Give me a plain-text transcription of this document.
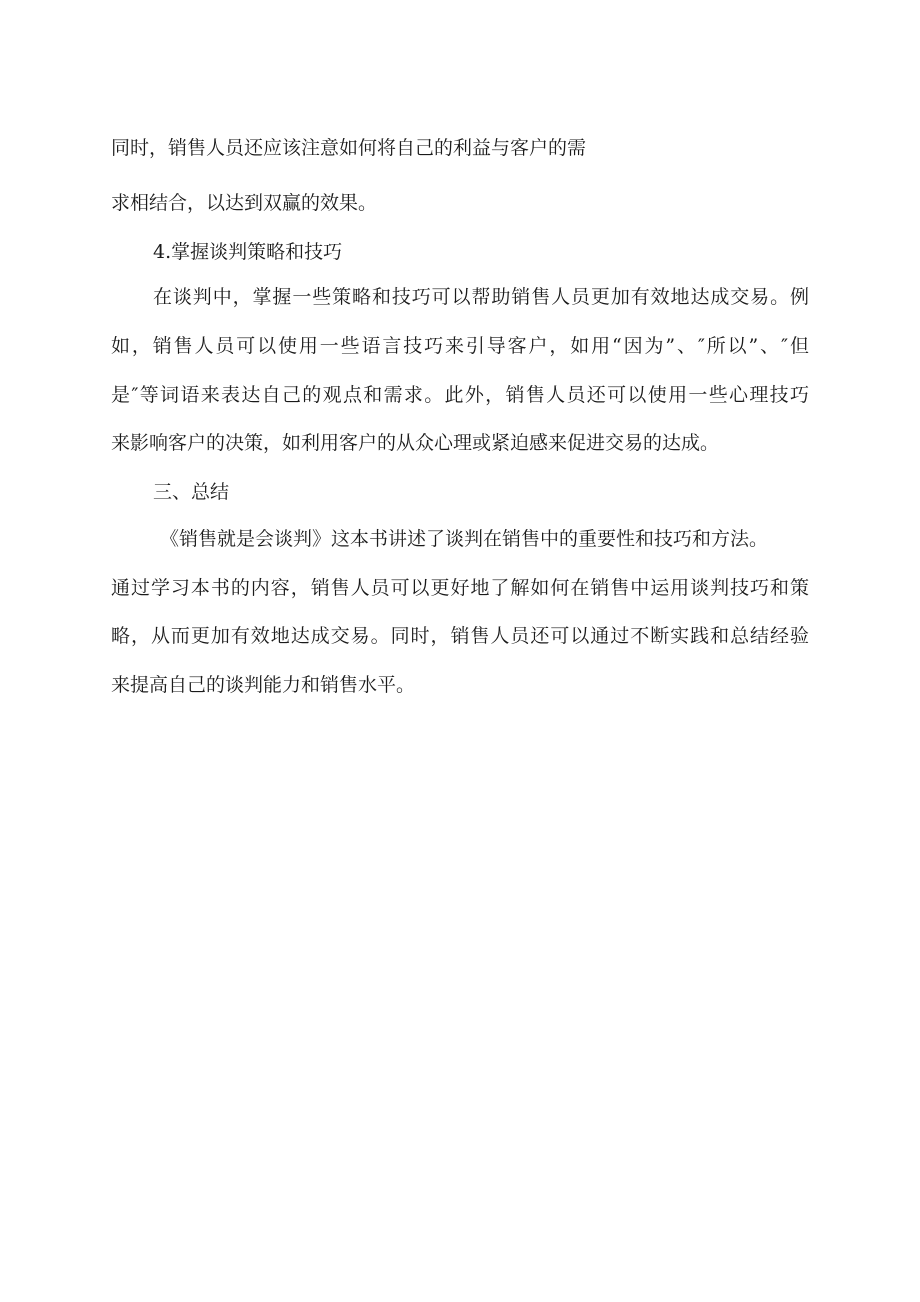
同时，销售人员还应该注意如何将自己的利益与客户的需

求相结合，以达到双赢的效果。

4.掌握谈判策略和技巧

在谈判中，掌握一些策略和技巧可以帮助销售人员更加有效地达成交易。例

如，销售人员可以使用一些语言技巧来引导客户，如用“因为”、″所以”、″但

是″等词语来表达自己的观点和需求。此外，销售人员还可以使用一些心理技巧

来影响客户的决策，如利用客户的从众心理或紧迫感来促进交易的达成。

三、总结

《销售就是会谈判》这本书讲述了谈判在销售中的重要性和技巧和方法。

通过学习本书的内容，销售人员可以更好地了解如何在销售中运用谈判技巧和策

略，从而更加有效地达成交易。同时，销售人员还可以通过不断实践和总结经验

来提高自己的谈判能力和销售水平。
